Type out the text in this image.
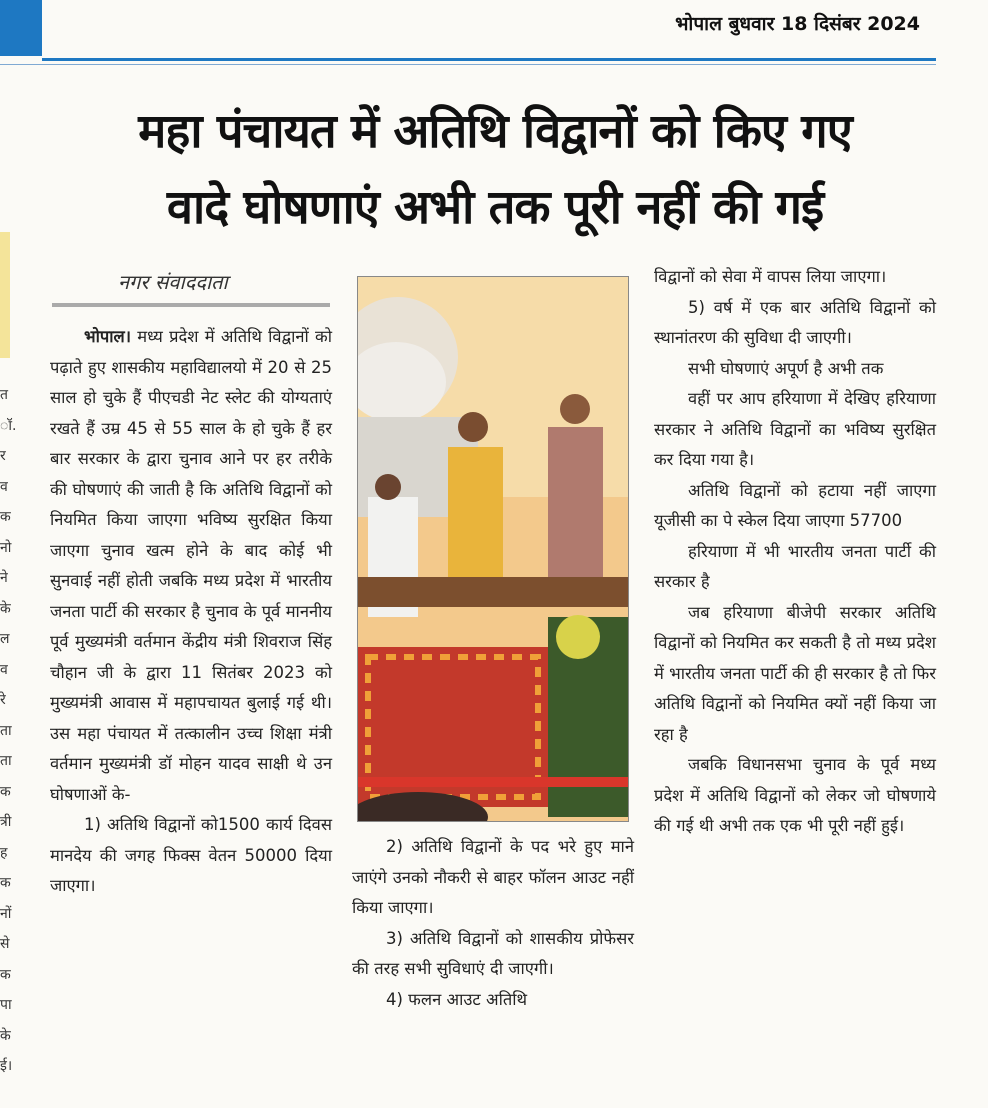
भोपाल बुधवार 18 दिसंबर 2024
त
ॉ.
र
व
क
नो
ने
के
ल
व
रे
ता
ता
क
त्री
ह
क
नों
से
क
पा
के
ई।
महा पंचायत में अतिथि विद्वानों को किए गए
वादे घोषणाएं अभी तक पूरी नहीं की गई
नगर संवाददाता

भोपाल। मध्य प्रदेश में अतिथि विद्वानों को पढ़ाते हुए शासकीय महाविद्यालयो में 20 से 25 साल हो चुके हैं पीएचडी नेट स्लेट की योग्यताएं रखते हैं उम्र 45 से 55 साल के हो चुके हैं हर बार सरकार के द्वारा चुनाव आने पर हर तरीके की घोषणाएं की जाती है कि अतिथि विद्वानों को नियमित किया जाएगा भविष्य सुरक्षित किया जाएगा चुनाव खत्म होने के बाद कोई भी सुनवाई नहीं होती जबकि मध्य प्रदेश में भारतीय जनता पार्टी की सरकार है चुनाव के पूर्व माननीय पूर्व मुख्यमंत्री वर्तमान केंद्रीय मंत्री शिवराज सिंह चौहान जी के द्वारा 11 सितंबर 2023 को मुख्यमंत्री आवास में महापचायत बुलाई गई थी। उस महा पंचायत में तत्कालीन उच्च शिक्षा मंत्री वर्तमान मुख्यमंत्री डॉ मोहन यादव साक्षी थे उन घोषणाओं के-

1) अतिथि विद्वानों को1500 कार्य दिवस मानदेय की जगह फिक्स वेतन 50000 दिया जाएगा।

2) अतिथि विद्वानों के पद भरे हुए माने जाएंगे उनको नौकरी से बाहर फॉलन आउट नहीं किया जाएगा।

3) अतिथि विद्वानों को शासकीय प्रोफेसर की तरह सभी सुविधाएं दी जाएगी।

4) फलन आउट अतिथि

विद्वानों को सेवा में वापस लिया जाएगा।

5) वर्ष में एक बार अतिथि विद्वानों को स्थानांतरण की सुविधा दी जाएगी।

सभी घोषणाएं अपूर्ण है अभी तक

वहीं पर आप हरियाणा में देखिए हरियाणा सरकार ने अतिथि विद्वानों का भविष्य सुरक्षित कर दिया गया है।

अतिथि विद्वानों को हटाया नहीं जाएगा यूजीसी का पे स्केल दिया जाएगा 57700

हरियाणा में भी भारतीय जनता पार्टी की सरकार है

जब हरियाणा बीजेपी सरकार अतिथि विद्वानों को नियमित कर सकती है तो मध्य प्रदेश में भारतीय जनता पार्टी की ही सरकार है तो फिर अतिथि विद्वानों को नियमित क्यों नहीं किया जा रहा है

जबकि विधानसभा चुनाव के पूर्व मध्य प्रदेश में अतिथि विद्वानों को लेकर जो घोषणाये की गई थी अभी तक एक भी पूरी नहीं हुई।
